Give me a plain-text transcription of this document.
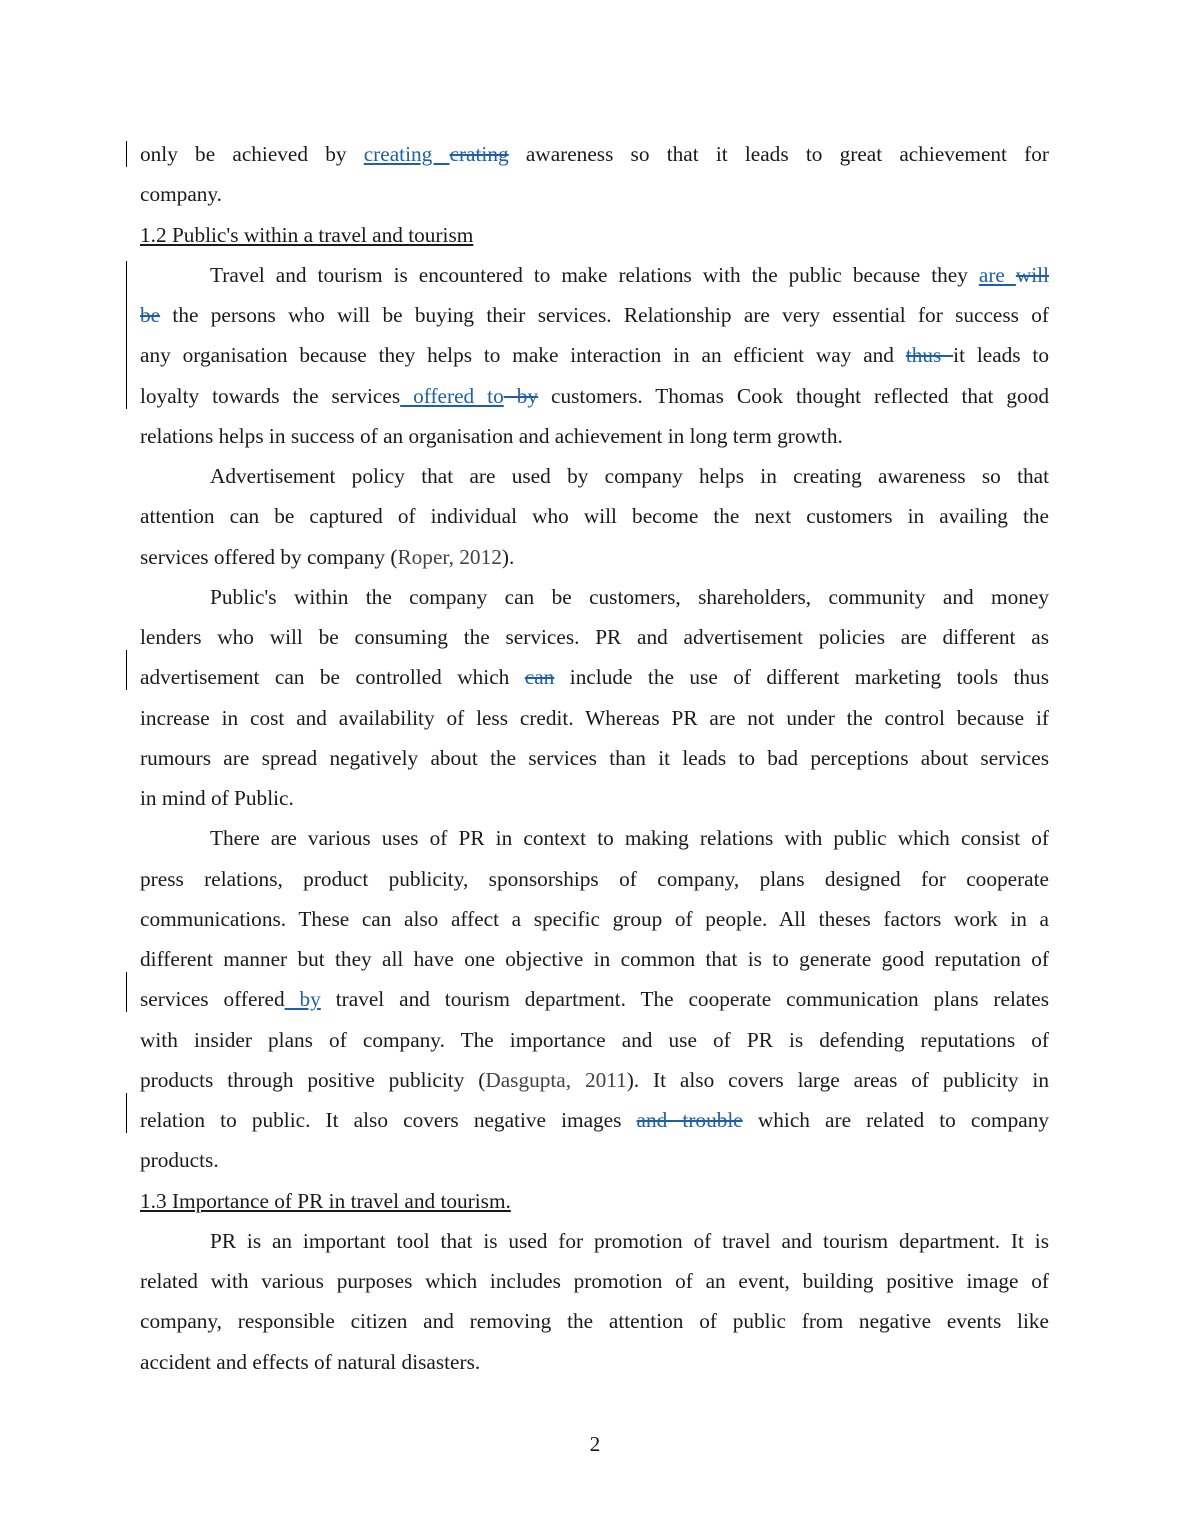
only be achieved by creating crating awareness so that it leads to great achievement for
company.
1.2 Public's within a travel and tourism
Travel and tourism is encountered to make relations with the public because they are will
be the persons who will be buying their services. Relationship are very essential for success of
any organisation because they helps to make interaction in an efficient way and thus it leads to
loyalty towards the services offered to by customers. Thomas Cook thought reflected that good
relations helps in success of an organisation and achievement in long term growth.
Advertisement policy that are used by company helps in creating awareness so that
attention can be captured of individual who will become the next customers in availing the
services offered by company (Roper, 2012).
Public's within the company can be customers, shareholders, community and money
lenders who will be consuming the services. PR and advertisement policies are different as
advertisement can be controlled which can include the use of different marketing tools thus
increase in cost and availability of less credit. Whereas PR are not under the control because if
rumours are spread negatively about the services than it leads to bad perceptions about services
in mind of Public.
There are various uses of PR in context to making relations with public which consist of
press relations, product publicity, sponsorships of company, plans designed for cooperate
communications. These can also affect a specific group of people. All theses factors work in a
different manner but they all have one objective in common that is to generate good reputation of
services offered by travel and tourism department. The cooperate communication plans relates
with insider plans of company. The importance and use of PR is defending reputations of
products through positive publicity (Dasgupta, 2011). It also covers large areas of publicity in
relation to public. It also covers negative images and trouble which are related to company
products.
1.3 Importance of PR in travel and tourism.
PR is an important tool that is used for promotion of travel and tourism department. It is
related with various purposes which includes promotion of an event, building positive image of
company, responsible citizen and removing the attention of public from negative events like
accident and effects of natural disasters.
2
